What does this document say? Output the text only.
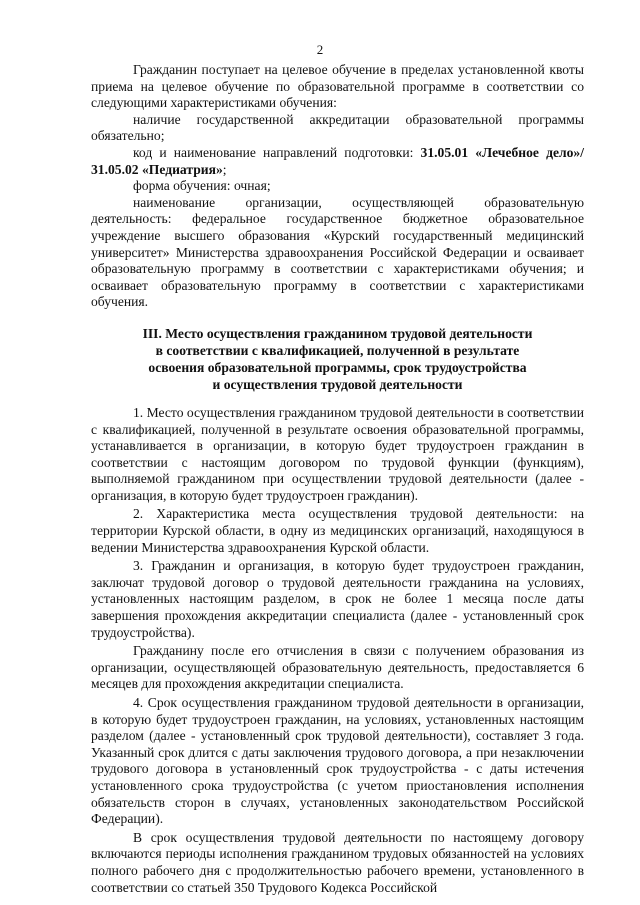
2

Гражданин поступает на целевое обучение в пределах установленной квоты приема на целевое обучение по образовательной программе в соответствии со следующими характеристиками обучения:

наличие государственной аккредитации образовательной программы обязательно;

код и наименование направлений подготовки: 31.05.01 «Лечебное дело»/ 31.05.02 «Педиатрия»;

форма обучения: очная;

наименование организации, осуществляющей образовательную деятельность: федеральное государственное бюджетное образовательное учреждение высшего образования «Курский государственный медицинский университет» Министерства здравоохранения Российской Федерации и осваивает образовательную программу в соответствии с характеристиками обучения; и осваивает образовательную программу в соответствии с характеристиками обучения.

III. Место осуществления гражданином трудовой деятельности
в соответствии с квалификацией, полученной в результате
освоения образовательной программы, срок трудоустройства
и осуществления трудовой деятельности

1. Место осуществления гражданином трудовой деятельности в соответствии с квалификацией, полученной в результате освоения образовательной программы, устанавливается в организации, в которую будет трудоустроен гражданин в соответствии с настоящим договором по трудовой функции (функциям), выполняемой гражданином при осуществлении трудовой деятельности (далее - организация, в которую будет трудоустроен гражданин).

2. Характеристика места осуществления трудовой деятельности: на территории Курской области, в одну из медицинских организаций, находящуюся в ведении Министерства здравоохранения Курской области.

3. Гражданин и организация, в которую будет трудоустроен гражданин, заключат трудовой договор о трудовой деятельности гражданина на условиях, установленных настоящим разделом, в срок не более 1 месяца после даты завершения прохождения аккредитации специалиста (далее - установленный срок трудоустройства).

Гражданину после его отчисления в связи с получением образования из организации, осуществляющей образовательную деятельность, предоставляется 6 месяцев для прохождения аккредитации специалиста.

4. Срок осуществления гражданином трудовой деятельности в организации, в которую будет трудоустроен гражданин, на условиях, установленных настоящим разделом (далее - установленный срок трудовой деятельности), составляет 3 года. Указанный срок длится с даты заключения трудового договора, а при незаключении трудового договора в установленный срок трудоустройства - с даты истечения установленного срока трудоустройства (с учетом приостановления исполнения обязательств сторон в случаях, установленных законодательством Российской Федерации).

В срок осуществления трудовой деятельности по настоящему договору включаются периоды исполнения гражданином трудовых обязанностей на условиях полного рабочего дня с продолжительностью рабочего времени, установленного в соответствии со статьей 350 Трудового Кодекса Российской
